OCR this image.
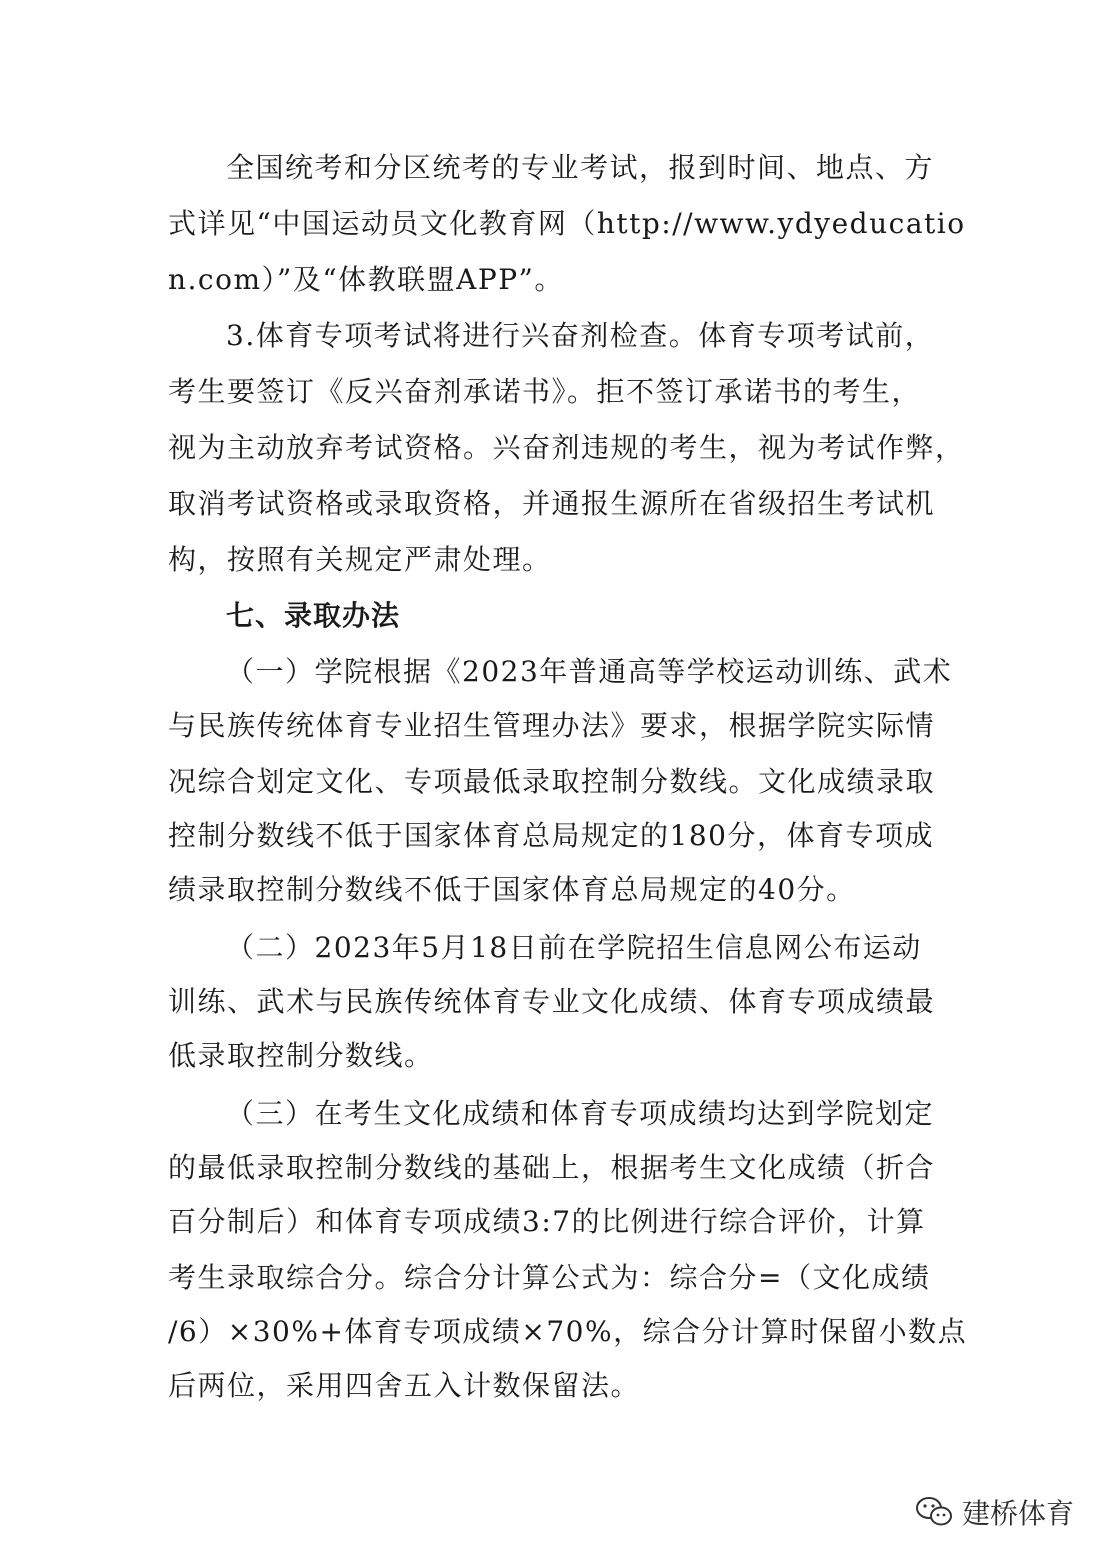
全国统考和分区统考的专业考试，报到时间、地点、方
式详见“中国运动员文化教育网（http://www.ydyeducatio
n.com）”及“体教联盟APP”。
3.体育专项考试将进行兴奋剂检查。体育专项考试前，
考生要签订《反兴奋剂承诺书》。拒不签订承诺书的考生，
视为主动放弃考试资格。兴奋剂违规的考生，视为考试作弊，
取消考试资格或录取资格，并通报生源所在省级招生考试机
构，按照有关规定严肃处理。
七、录取办法
（一）学院根据《2023年普通高等学校运动训练、武术
与民族传统体育专业招生管理办法》要求，根据学院实际情
况综合划定文化、专项最低录取控制分数线。文化成绩录取
控制分数线不低于国家体育总局规定的180分，体育专项成
绩录取控制分数线不低于国家体育总局规定的40分。
（二）2023年5月18日前在学院招生信息网公布运动
训练、武术与民族传统体育专业文化成绩、体育专项成绩最
低录取控制分数线。
（三）在考生文化成绩和体育专项成绩均达到学院划定
的最低录取控制分数线的基础上，根据考生文化成绩（折合
百分制后）和体育专项成绩3:7的比例进行综合评价，计算
考生录取综合分。综合分计算公式为：综合分=（文化成绩
/6）×30%+体育专项成绩×70%，综合分计算时保留小数点
后两位，采用四舍五入计数保留法。
建桥体育
